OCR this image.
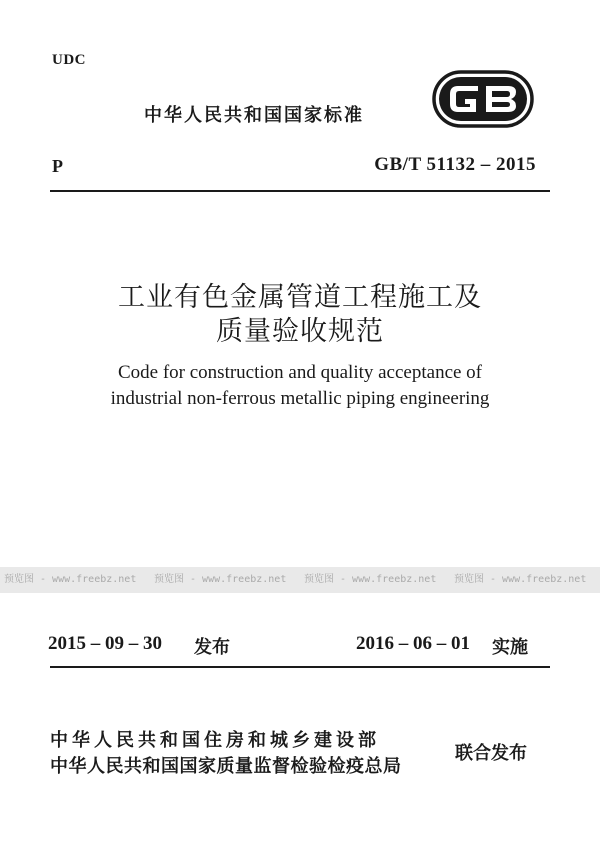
UDC
中华人民共和国国家标准
P	GB/T 51132 – 2015
工业有色金属管道工程施工及
质量验收规范
Code for construction and quality acceptance of
industrial non-ferrous metallic piping engineering
预览图 - www.freebz.net 预览图 - www.freebz.net 预览图 - www.freebz.net 预览图 - www.freebz.net
2015 – 09 – 30 发布	2016 – 06 – 01 实施
中华人民共和国住房和城乡建设部
中华人民共和国国家质量监督检验检疫总局
联合发布
